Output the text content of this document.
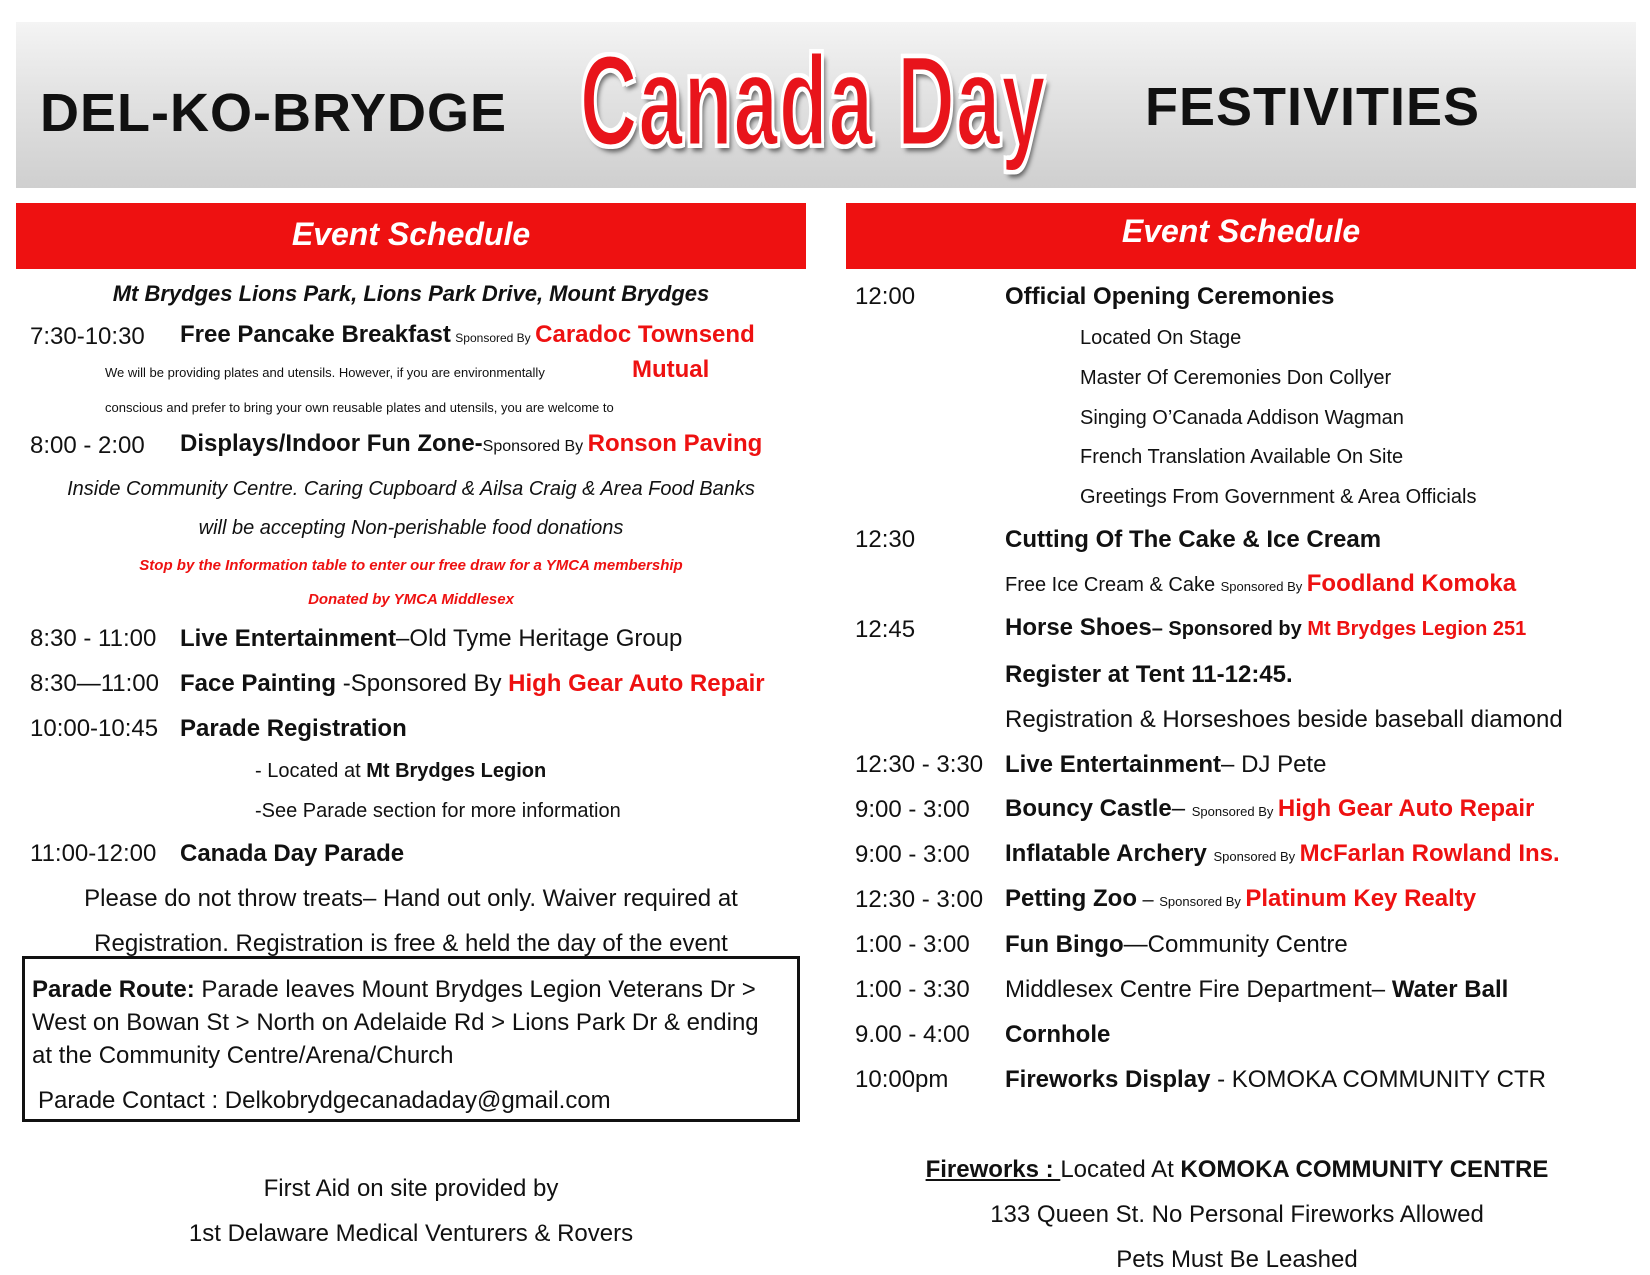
DEL-KO-BRYDGE Canada Day FESTIVITIES
Event Schedule
Mt Brydges Lions Park, Lions Park Drive, Mount Brydges
7:30-10:30 Free Pancake Breakfast Sponsored By Caradoc Townsend
Mutual
We will be providing plates and utensils. However, if you are environmentally
conscious and prefer to bring your own reusable plates and utensils, you are welcome to
8:00 - 2:00 Displays/Indoor Fun Zone-Sponsored By Ronson Paving
Inside Community Centre. Caring Cupboard & Ailsa Craig & Area Food Banks
will be accepting Non-perishable food donations
Stop by the Information table to enter our free draw for a YMCA membership
Donated by YMCA Middlesex
8:30 - 11:00 Live Entertainment–Old Tyme Heritage Group
8:30—11:00 Face Painting -Sponsored By High Gear Auto Repair
10:00-10:45 Parade Registration
- Located at Mt Brydges Legion
-See Parade section for more information
11:00-12:00 Canada Day Parade
Please do not throw treats– Hand out only. Waiver required at
Registration. Registration is free & held the day of the event
Parade Route: Parade leaves Mount Brydges Legion Veterans Dr >
West on Bowan St > North on Adelaide Rd > Lions Park Dr & ending
at the Community Centre/Arena/Church
Parade Contact : Delkobrydgecanadaday@gmail.com
First Aid on site provided by
1st Delaware Medical Venturers & Rovers
Event Schedule
12:00	Official Opening Ceremonies
Located On Stage
Master Of Ceremonies Don Collyer
Singing O’Canada Addison Wagman
French Translation Available On Site
Greetings From Government & Area Officials
12:30	Cutting Of The Cake & Ice Cream
Free Ice Cream & Cake Sponsored By Foodland Komoka
12:45	Horse Shoes– Sponsored by Mt Brydges Legion 251
Register at Tent 11-12:45.
Registration & Horseshoes beside baseball diamond
12:30 - 3:30 Live Entertainment– DJ Pete
9:00 - 3:00 Bouncy Castle– Sponsored By High Gear Auto Repair
9:00 - 3:00 Inflatable Archery Sponsored By McFarlan Rowland Ins.
12:30 - 3:00 Petting Zoo – Sponsored By Platinum Key Realty
1:00 - 3:00 Fun Bingo—Community Centre
1:00 - 3:30 Middlesex Centre Fire Department– Water Ball
9.00 - 4:00 Cornhole
10:00pm Fireworks Display - KOMOKA COMMUNITY CTR
Fireworks : Located At KOMOKA COMMUNITY CENTRE
133 Queen St. No Personal Fireworks Allowed
Pets Must Be Leashed
